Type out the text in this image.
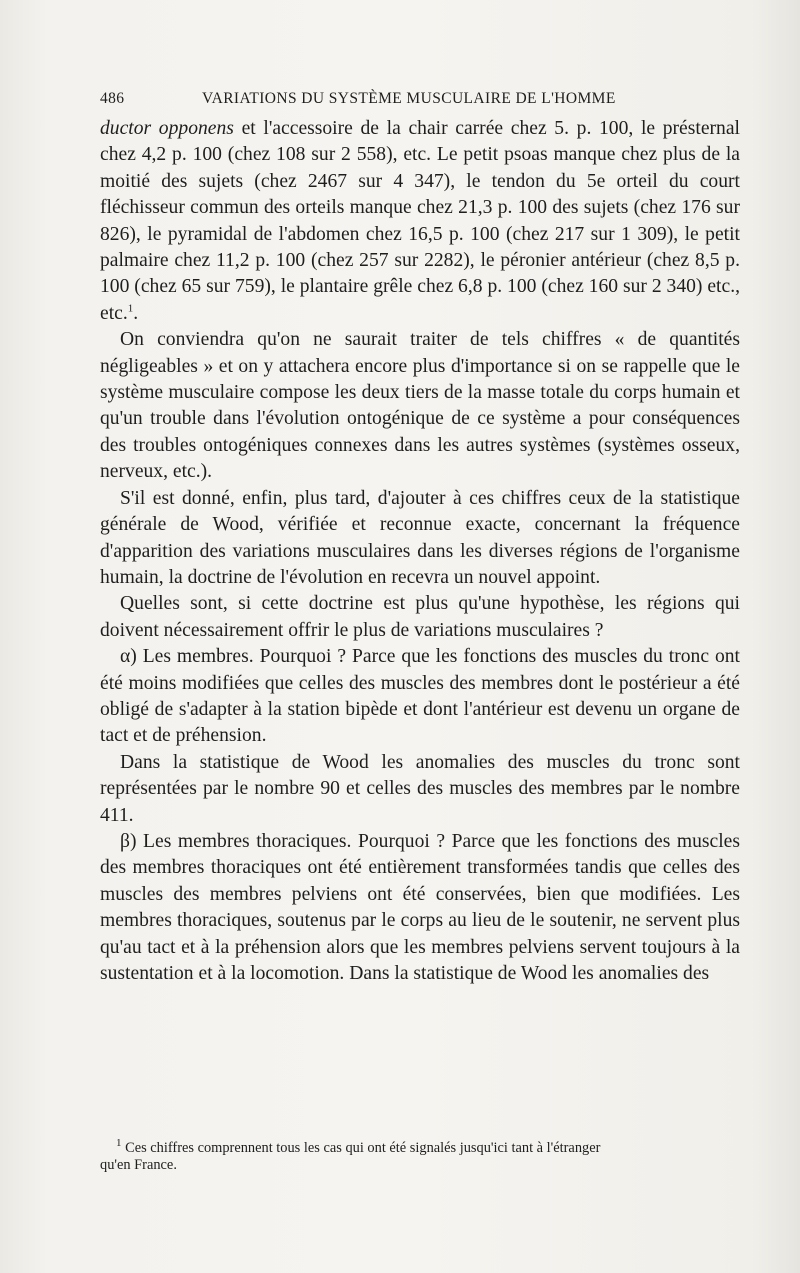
486	VARIATIONS DU SYSTÈME MUSCULAIRE DE L'HOMME

ductor opponens et l'accessoire de la chair carrée chez 5. p. 100, le présternal chez 4,2 p. 100 (chez 108 sur 2 558), etc. Le petit psoas manque chez plus de la moitié des sujets (chez 2467 sur 4 347), le tendon du 5e orteil du court fléchisseur commun des orteils manque chez 21,3 p. 100 des sujets (chez 176 sur 826), le pyramidal de l'abdomen chez 16,5 p. 100 (chez 217 sur 1 309), le petit palmaire chez 11,2 p. 100 (chez 257 sur 2282), le péronier antérieur (chez 8,5 p. 100 (chez 65 sur 759), le plantaire grêle chez 6,8 p. 100 (chez 160 sur 2 340) etc., etc.$^1$.

On conviendra qu'on ne saurait traiter de tels chiffres « de quantités négligeables » et on y attachera encore plus d'importance si on se rappelle que le système musculaire compose les deux tiers de la masse totale du corps humain et qu'un trouble dans l'évolution ontogénique de ce système a pour conséquences des troubles ontogéniques connexes dans les autres systèmes (systèmes osseux, nerveux, etc.).

S'il est donné, enfin, plus tard, d'ajouter à ces chiffres ceux de la statistique générale de Wood, vérifiée et reconnue exacte, concernant la fréquence d'apparition des variations musculaires dans les diverses régions de l'organisme humain, la doctrine de l'évolution en recevra un nouvel appoint.

Quelles sont, si cette doctrine est plus qu'une hypothèse, les régions qui doivent nécessairement offrir le plus de variations musculaires ?

α) Les membres. Pourquoi ? Parce que les fonctions des muscles du tronc ont été moins modifiées que celles des muscles des membres dont le postérieur a été obligé de s'adapter à la station bipède et dont l'antérieur est devenu un organe de tact et de préhension.

Dans la statistique de Wood les anomalies des muscles du tronc sont représentées par le nombre 90 et celles des muscles des membres par le nombre 411.

β) Les membres thoraciques. Pourquoi ? Parce que les fonctions des muscles des membres thoraciques ont été entièrement transformées tandis que celles des muscles des membres pelviens ont été conservées, bien que modifiées. Les membres thoraciques, soutenus par le corps au lieu de le soutenir, ne servent plus qu'au tact et à la préhension alors que les membres pelviens servent toujours à la sustentation et à la locomotion. Dans la statistique de Wood les anomalies des

$^1$ Ces chiffres comprennent tous les cas qui ont été signalés jusqu'ici tant à l'étranger
qu'en France.
